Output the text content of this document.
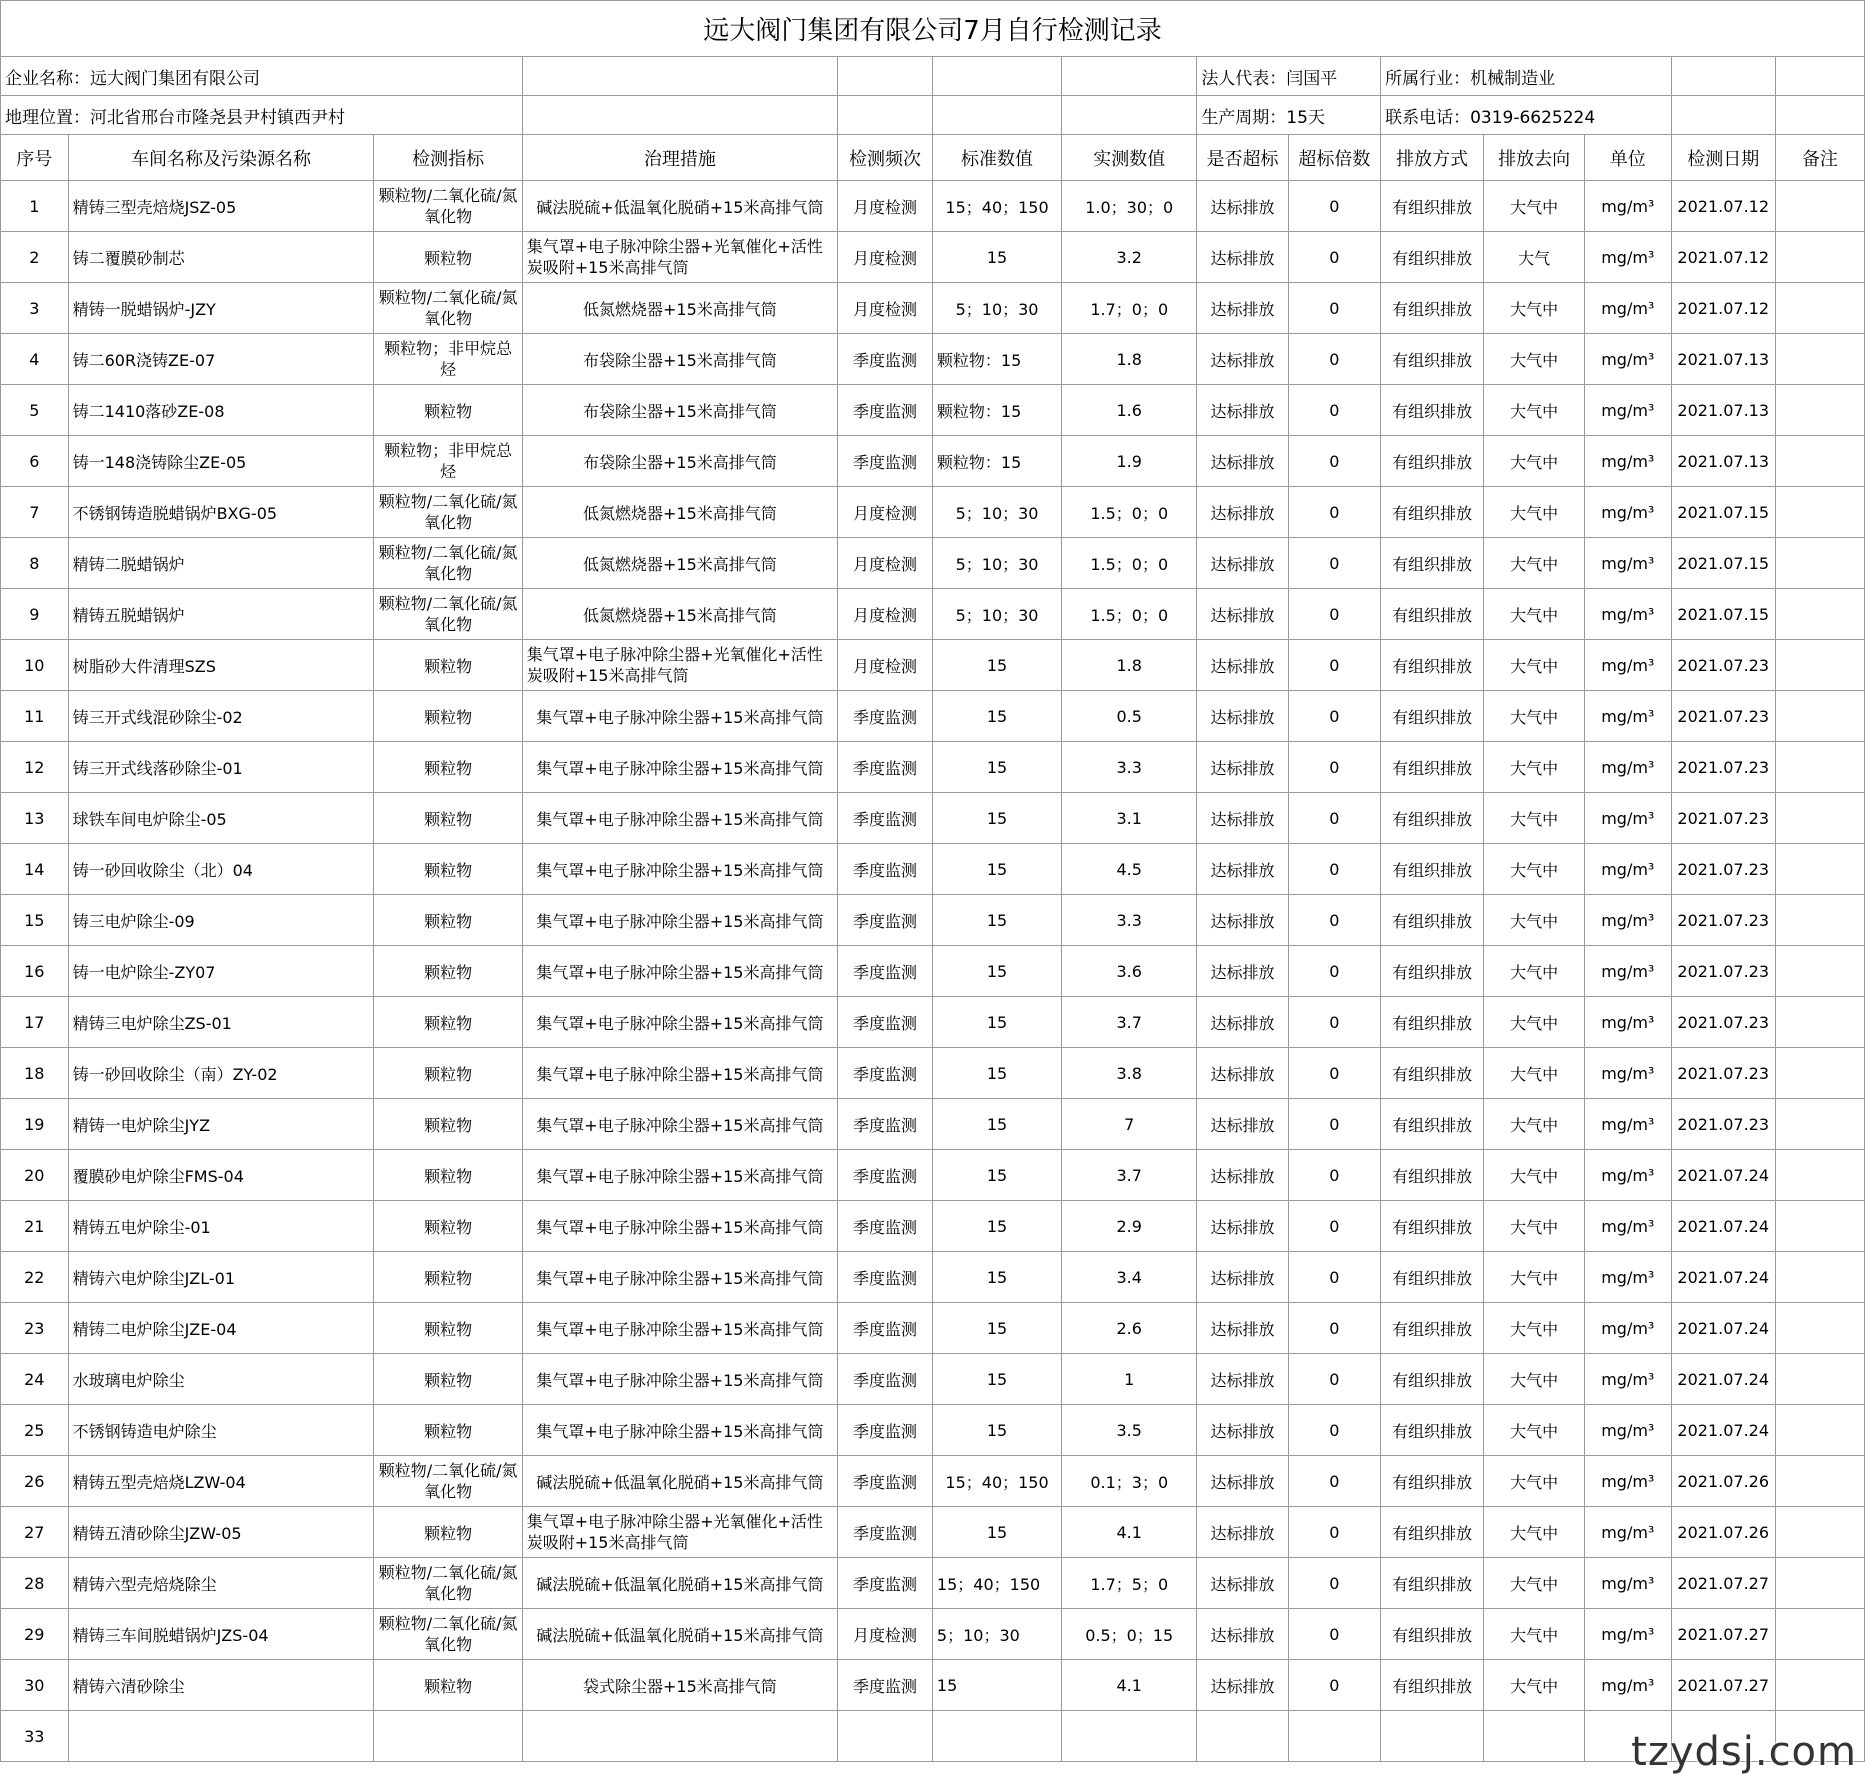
远大阀门集团有限公司7月自行检测记录													
企业名称：远大阀门集团有限公司							法人代表：闫国平		所属行业：机械制造业				
地理位置：河北省邢台市隆尧县尹村镇西尹村							生产周期：15天		联系电话：0319-6625224				
序号	车间名称及污染源名称	检测指标	治理措施	检测频次	标准数值	实测数值	是否超标	超标倍数	排放方式	排放去向	单位	检测日期	备注
1	精铸三型壳焙烧JSZ-05	颗粒物/二氧化硫/氮氧化物	碱法脱硫+低温氧化脱硝+15米高排气筒	月度检测	15；40；150	1.0；30；0	达标排放	0	有组织排放	大气中	mg/m³	2021.07.12	
2	铸二覆膜砂制芯	颗粒物	集气罩+电子脉冲除尘器+光氧催化+活性炭吸附+15米高排气筒	月度检测	15	3.2	达标排放	0	有组织排放	大气	mg/m³	2021.07.12	
3	精铸一脱蜡锅炉-JZY	颗粒物/二氧化硫/氮氧化物	低氮燃烧器+15米高排气筒	月度检测	5；10；30	1.7；0；0	达标排放	0	有组织排放	大气中	mg/m³	2021.07.12	
4	铸二60R浇铸ZE-07	颗粒物；非甲烷总烃	布袋除尘器+15米高排气筒	季度监测	颗粒物：15	1.8	达标排放	0	有组织排放	大气中	mg/m³	2021.07.13	
5	铸二1410落砂ZE-08	颗粒物	布袋除尘器+15米高排气筒	季度监测	颗粒物：15	1.6	达标排放	0	有组织排放	大气中	mg/m³	2021.07.13	
6	铸一148浇铸除尘ZE-05	颗粒物；非甲烷总烃	布袋除尘器+15米高排气筒	季度监测	颗粒物：15	1.9	达标排放	0	有组织排放	大气中	mg/m³	2021.07.13	
7	不锈钢铸造脱蜡锅炉BXG-05	颗粒物/二氧化硫/氮氧化物	低氮燃烧器+15米高排气筒	月度检测	5；10；30	1.5；0；0	达标排放	0	有组织排放	大气中	mg/m³	2021.07.15	
8	精铸二脱蜡锅炉	颗粒物/二氧化硫/氮氧化物	低氮燃烧器+15米高排气筒	月度检测	5；10；30	1.5；0；0	达标排放	0	有组织排放	大气中	mg/m³	2021.07.15	
9	精铸五脱蜡锅炉	颗粒物/二氧化硫/氮氧化物	低氮燃烧器+15米高排气筒	月度检测	5；10；30	1.5；0；0	达标排放	0	有组织排放	大气中	mg/m³	2021.07.15	
10	树脂砂大件清理SZS	颗粒物	集气罩+电子脉冲除尘器+光氧催化+活性炭吸附+15米高排气筒	月度检测	15	1.8	达标排放	0	有组织排放	大气中	mg/m³	2021.07.23	
11	铸三开式线混砂除尘-02	颗粒物	集气罩+电子脉冲除尘器+15米高排气筒	季度监测	15	0.5	达标排放	0	有组织排放	大气中	mg/m³	2021.07.23	
12	铸三开式线落砂除尘-01	颗粒物	集气罩+电子脉冲除尘器+15米高排气筒	季度监测	15	3.3	达标排放	0	有组织排放	大气中	mg/m³	2021.07.23	
13	球铁车间电炉除尘-05	颗粒物	集气罩+电子脉冲除尘器+15米高排气筒	季度监测	15	3.1	达标排放	0	有组织排放	大气中	mg/m³	2021.07.23	
14	铸一砂回收除尘（北）04	颗粒物	集气罩+电子脉冲除尘器+15米高排气筒	季度监测	15	4.5	达标排放	0	有组织排放	大气中	mg/m³	2021.07.23	
15	铸三电炉除尘-09	颗粒物	集气罩+电子脉冲除尘器+15米高排气筒	季度监测	15	3.3	达标排放	0	有组织排放	大气中	mg/m³	2021.07.23	
16	铸一电炉除尘-ZY07	颗粒物	集气罩+电子脉冲除尘器+15米高排气筒	季度监测	15	3.6	达标排放	0	有组织排放	大气中	mg/m³	2021.07.23	
17	精铸三电炉除尘ZS-01	颗粒物	集气罩+电子脉冲除尘器+15米高排气筒	季度监测	15	3.7	达标排放	0	有组织排放	大气中	mg/m³	2021.07.23	
18	铸一砂回收除尘（南）ZY-02	颗粒物	集气罩+电子脉冲除尘器+15米高排气筒	季度监测	15	3.8	达标排放	0	有组织排放	大气中	mg/m³	2021.07.23	
19	精铸一电炉除尘JYZ	颗粒物	集气罩+电子脉冲除尘器+15米高排气筒	季度监测	15	7	达标排放	0	有组织排放	大气中	mg/m³	2021.07.23	
20	覆膜砂电炉除尘FMS-04	颗粒物	集气罩+电子脉冲除尘器+15米高排气筒	季度监测	15	3.7	达标排放	0	有组织排放	大气中	mg/m³	2021.07.24	
21	精铸五电炉除尘-01	颗粒物	集气罩+电子脉冲除尘器+15米高排气筒	季度监测	15	2.9	达标排放	0	有组织排放	大气中	mg/m³	2021.07.24	
22	精铸六电炉除尘JZL-01	颗粒物	集气罩+电子脉冲除尘器+15米高排气筒	季度监测	15	3.4	达标排放	0	有组织排放	大气中	mg/m³	2021.07.24	
23	精铸二电炉除尘JZE-04	颗粒物	集气罩+电子脉冲除尘器+15米高排气筒	季度监测	15	2.6	达标排放	0	有组织排放	大气中	mg/m³	2021.07.24	
24	水玻璃电炉除尘	颗粒物	集气罩+电子脉冲除尘器+15米高排气筒	季度监测	15	1	达标排放	0	有组织排放	大气中	mg/m³	2021.07.24	
25	不锈钢铸造电炉除尘	颗粒物	集气罩+电子脉冲除尘器+15米高排气筒	季度监测	15	3.5	达标排放	0	有组织排放	大气中	mg/m³	2021.07.24	
26	精铸五型壳焙烧LZW-04	颗粒物/二氧化硫/氮氧化物	碱法脱硫+低温氧化脱硝+15米高排气筒	季度监测	15；40；150	0.1；3；0	达标排放	0	有组织排放	大气中	mg/m³	2021.07.26	
27	精铸五清砂除尘JZW-05	颗粒物	集气罩+电子脉冲除尘器+光氧催化+活性炭吸附+15米高排气筒	季度监测	15	4.1	达标排放	0	有组织排放	大气中	mg/m³	2021.07.26	
28	精铸六型壳焙烧除尘	颗粒物/二氧化硫/氮氧化物	碱法脱硫+低温氧化脱硝+15米高排气筒	季度监测	15；40；150	1.7；5；0	达标排放	0	有组织排放	大气中	mg/m³	2021.07.27	
29	精铸三车间脱蜡锅炉JZS-04	颗粒物/二氧化硫/氮氧化物	碱法脱硫+低温氧化脱硝+15米高排气筒	月度检测	5；10；30	0.5；0；15	达标排放	0	有组织排放	大气中	mg/m³	2021.07.27	
30	精铸六清砂除尘	颗粒物	袋式除尘器+15米高排气筒	季度监测	15	4.1	达标排放	0	有组织排放	大气中	mg/m³	2021.07.27	
33														tzydsj.com
